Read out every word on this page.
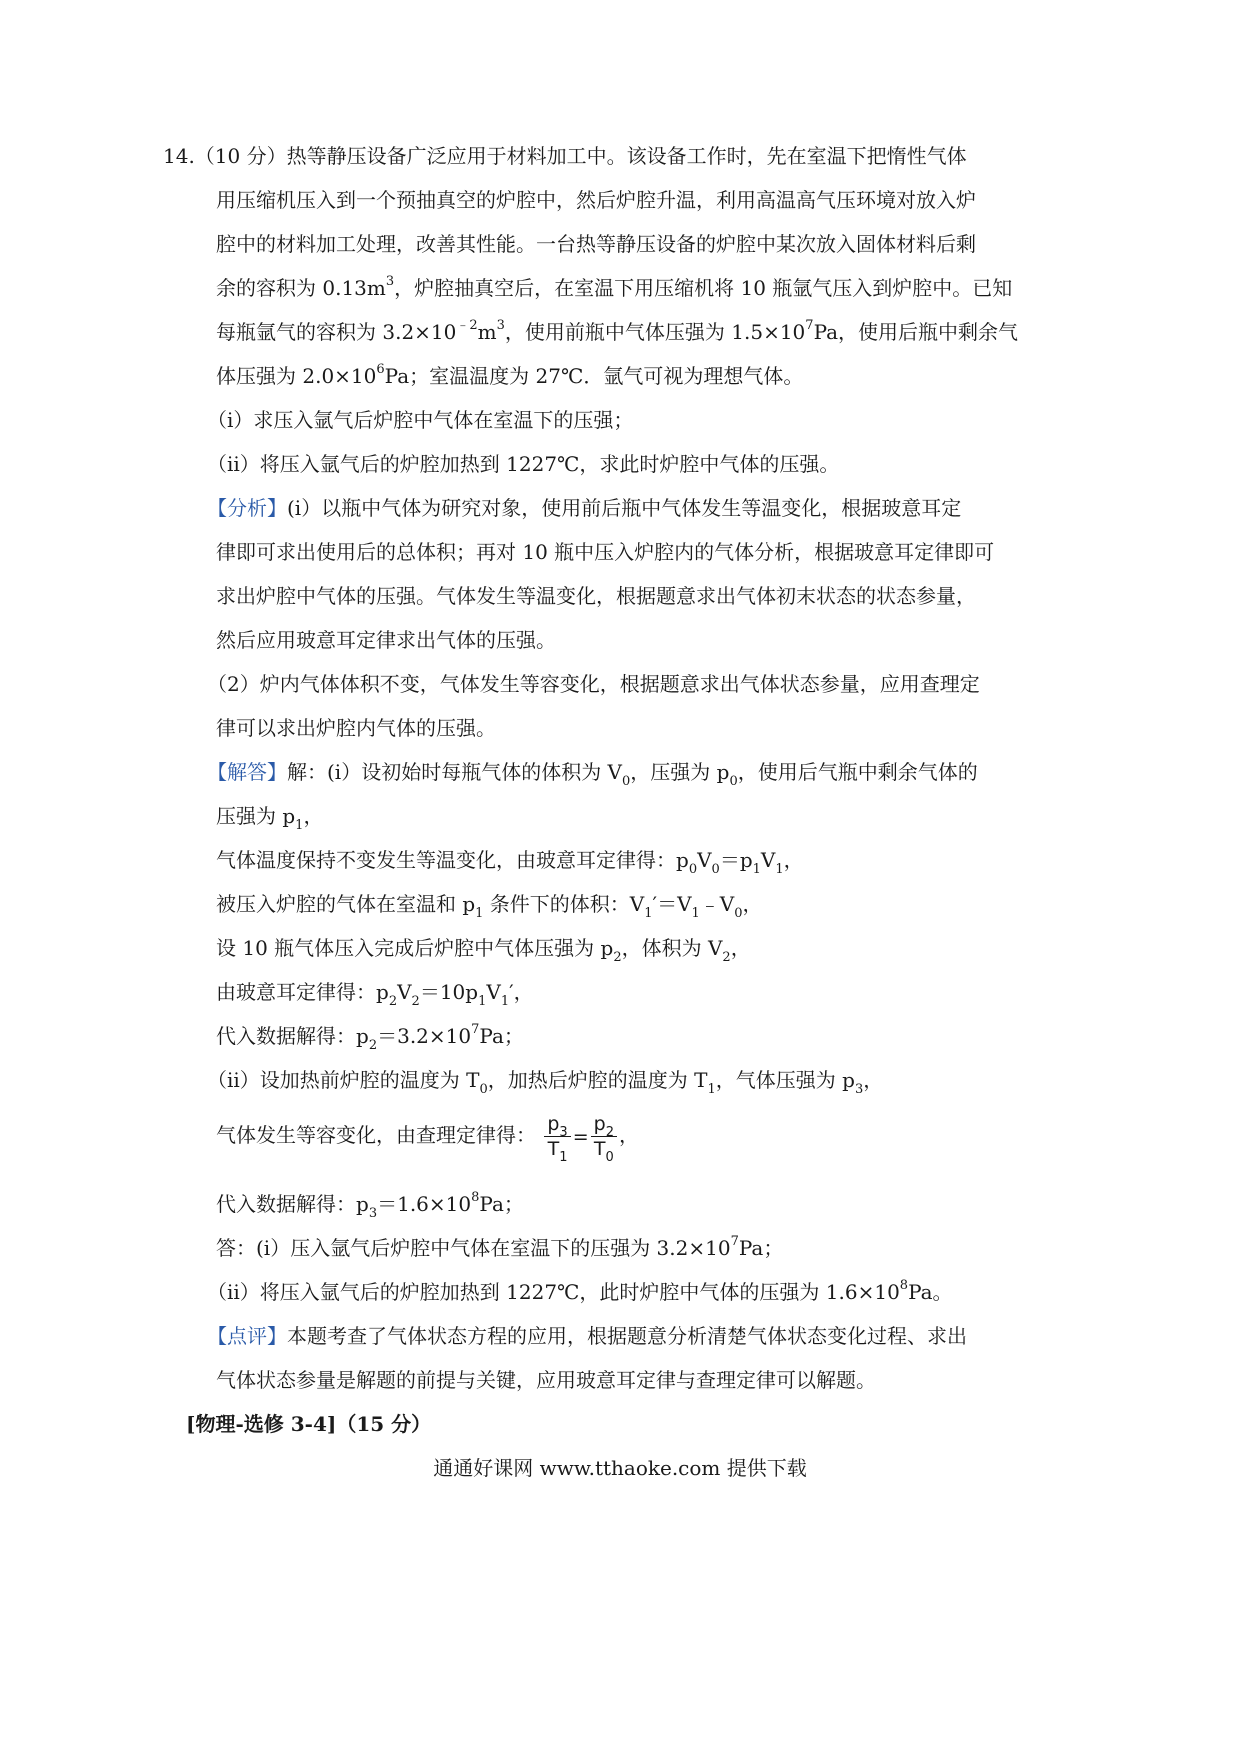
14.（10 分）热等静压设备广泛应用于材料加工中。该设备工作时，先在室温下把惰性气体
用压缩机压入到一个预抽真空的炉腔中，然后炉腔升温，利用高温高气压环境对放入炉
腔中的材料加工处理，改善其性能。一台热等静压设备的炉腔中某次放入固体材料后剩
余的容积为 $0.13m^3$，炉腔抽真空后，在室温下用压缩机将 10 瓶氩气压入到炉腔中。已知
每瓶氩气的容积为 $3.2\times 10^{﹣2}m^3$，使用前瓶中气体压强为 $1.5\times 10^7Pa$，使用后瓶中剩余气
体压强为 $2.0\times 10^6Pa$；室温温度为 27℃．氩气可视为理想气体。
（i）求压入氩气后炉腔中气体在室温下的压强；
（ⅱ）将压入氩气后的炉腔加热到 1227℃，求此时炉腔中气体的压强。
【分析】(i）以瓶中气体为研究对象，使用前后瓶中气体发生等温变化，根据玻意耳定
律即可求出使用后的总体积；再对 10 瓶中压入炉腔内的气体分析，根据玻意耳定律即可
求出炉腔中气体的压强。气体发生等温变化，根据题意求出气体初末状态的状态参量，
然后应用玻意耳定律求出气体的压强。
（2）炉内气体体积不变，气体发生等容变化，根据题意求出气体状态参量，应用查理定
律可以求出炉腔内气体的压强。
【解答】解：(i）设初始时每瓶气体的体积为 $V_0$，压强为 $p_0$，使用后气瓶中剩余气体的
压强为 $p_1$，
气体温度保持不变发生等温变化，由玻意耳定律得：$p_0V_0=p_1V_1$，
被压入炉腔的气体在室温和 $p_1$ 条件下的体积：$V_1'=V_1﹣V_0$，
设 10 瓶气体压入完成后炉腔中气体压强为 $p_2$，体积为 $V_2$，
由玻意耳定律得：$p_2V_2=10p_1V_1'$，
代入数据解得：$p_2=3.2\times 10^7Pa$；
（ii）设加热前炉腔的温度为 $T_0$，加热后炉腔的温度为 $T_1$，气体压强为 $p_3$，
气体发生等容变化，由查理定律得： $\frac{p_3}{T_1} = \frac{p_2}{T_0}$ ，
代入数据解得：$p_3=1.6\times 10^8Pa$；
答：(i）压入氩气后炉腔中气体在室温下的压强为 $3.2\times 10^7Pa$；
（ⅱ）将压入氩气后的炉腔加热到 1227℃，此时炉腔中气体的压强为 $1.6\times 10^8Pa$。
【点评】本题考查了气体状态方程的应用，根据题意分析清楚气体状态变化过程、求出
气体状态参量是解题的前提与关键，应用玻意耳定律与查理定律可以解题。
[物理-选修 3-4]（15 分）
通通好课网 www.tthaoke.com 提供下载
